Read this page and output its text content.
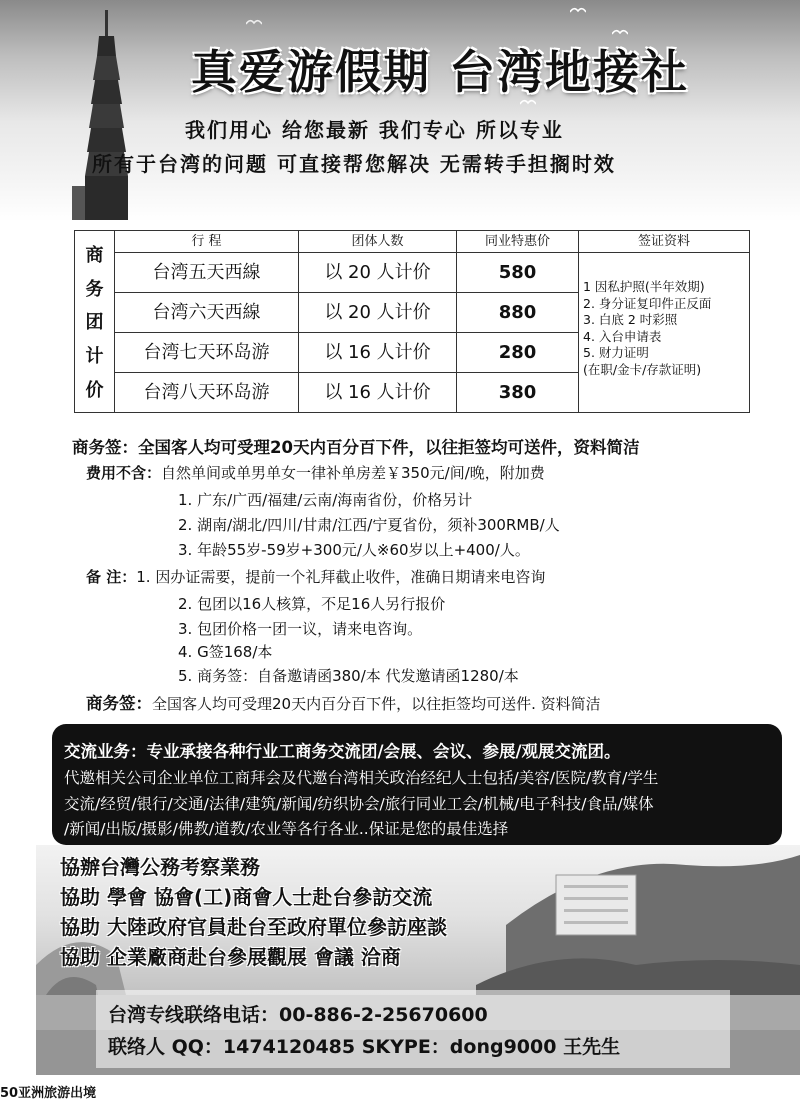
真爱游假期 台湾地接社
我们用心 给您最新 我们专心 所以专业
所有于台湾的问题 可直接帮您解决 无需转手担搁时效
商
务
团
计
价
行 程	团体人数	同业特惠价	签证资料
台湾五天西線	以 20 人计价	580
台湾六天西線	以 20 人计价	880
台湾七天环岛游	以 16 人计价	280
台湾八天环岛游	以 16 人计价	380
1 因私护照(半年效期)
2. 身分证复印件正反面
3. 白底 2 吋彩照
4. 入台申请表
5. 财力证明
(在职/金卡/存款证明)
商务签：全国客人均可受理20天内百分百下件，以往拒签均可送件，资料简洁
费用不含：自然单间或单男单女一律补单房差￥350元/间/晚，附加费
1. 广东/广西/福建/云南/海南省份，价格另计
2. 湖南/湖北/四川/甘肃/江西/宁夏省份，须补300RMB/人
3. 年龄55岁-59岁+300元/人※60岁以上+400/人。
备 注：1. 因办证需要，提前一个礼拜截止收件，准确日期请来电咨询
2. 包团以16人核算，不足16人另行报价
3. 包团价格一团一议，请来电咨询。
4. G签168/本
5. 商务签：自备邀请函380/本 代发邀请函1280/本
商务签：全国客人均可受理20天内百分百下件，以往拒签均可送件. 资料简洁
交流业务：专业承接各种行业工商务交流团/会展、会议、参展/观展交流团。
代邀相关公司企业单位工商拜会及代邀台湾相关政治经纪人士包括/美容/医院/教育/学生
交流/经贸/银行/交通/法律/建筑/新闻/纺织协会/旅行同业工会/机械/电子科技/食品/媒体
/新闻/出版/摄影/佛教/道教/农业等各行各业..保证是您的最佳选择
協辦台灣公務考察業務
協助 學會 協會(工)商會人士赴台參訪交流
協助 大陸政府官員赴台至政府單位參訪座談
協助 企業廠商赴台參展觀展 會議 洽商
台湾专线联络电话：00-886-2-25670600
联络人 QQ：1474120485 SKYPE：dong9000 王先生
50亚洲旅游出境
